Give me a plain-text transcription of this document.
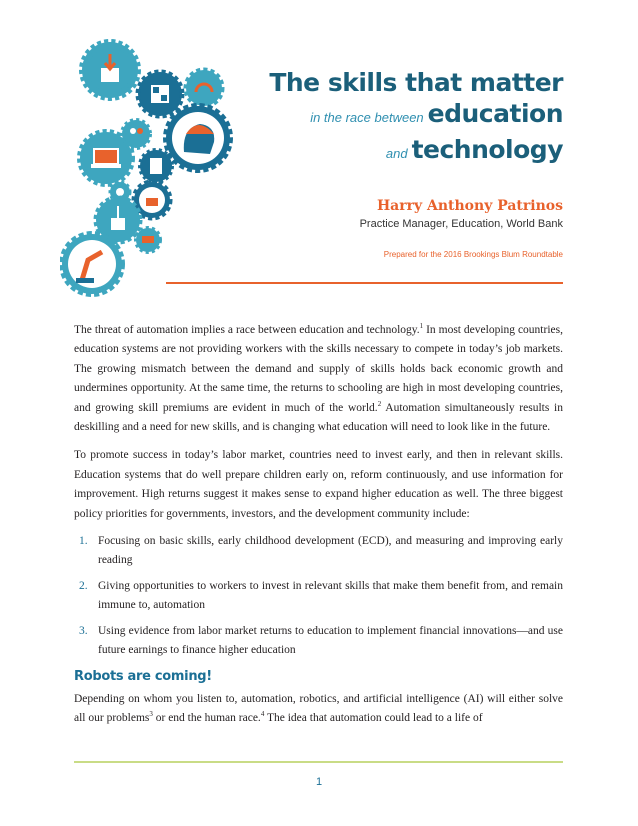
The skills that matter
in the race between education
and technology
Harry Anthony Patrinos
Practice Manager, Education, World Bank
Prepared for the 2016 Brookings Blum Roundtable

The threat of automation implies a race between education and technology.$^1$ In most developing countries, education systems are not providing workers with the skills necessary to compete in today’s job markets. The growing mismatch between the demand and supply of skills holds back economic growth and undermines opportunity. At the same time, the returns to schooling are high in most developing countries, and growing skill premiums are evident in much of the world.$^2$ Automation simultaneously results in deskilling and a need for new skills, and is changing what education will need to look like in the future.

To promote success in today’s labor market, countries need to invest early, and then in relevant skills. Education systems that do well prepare children early on, reform continuously, and use information for improvement. High returns suggest it makes sense to expand higher education as well. The three biggest policy priorities for governments, investors, and the development community include:

1. Focusing on basic skills, early childhood development (ECD), and measuring and improving early reading
2. Giving opportunities to workers to invest in relevant skills that make them benefit from, and remain immune to, automation
3. Using evidence from labor market returns to education to implement financial innovations—and use future earnings to finance higher education
Robots are coming!

Depending on whom you listen to, automation, robotics, and artificial intelligence (AI) will either solve all our problems$^3$ or end the human race.$^4$ The idea that automation could lead to a life of

1
